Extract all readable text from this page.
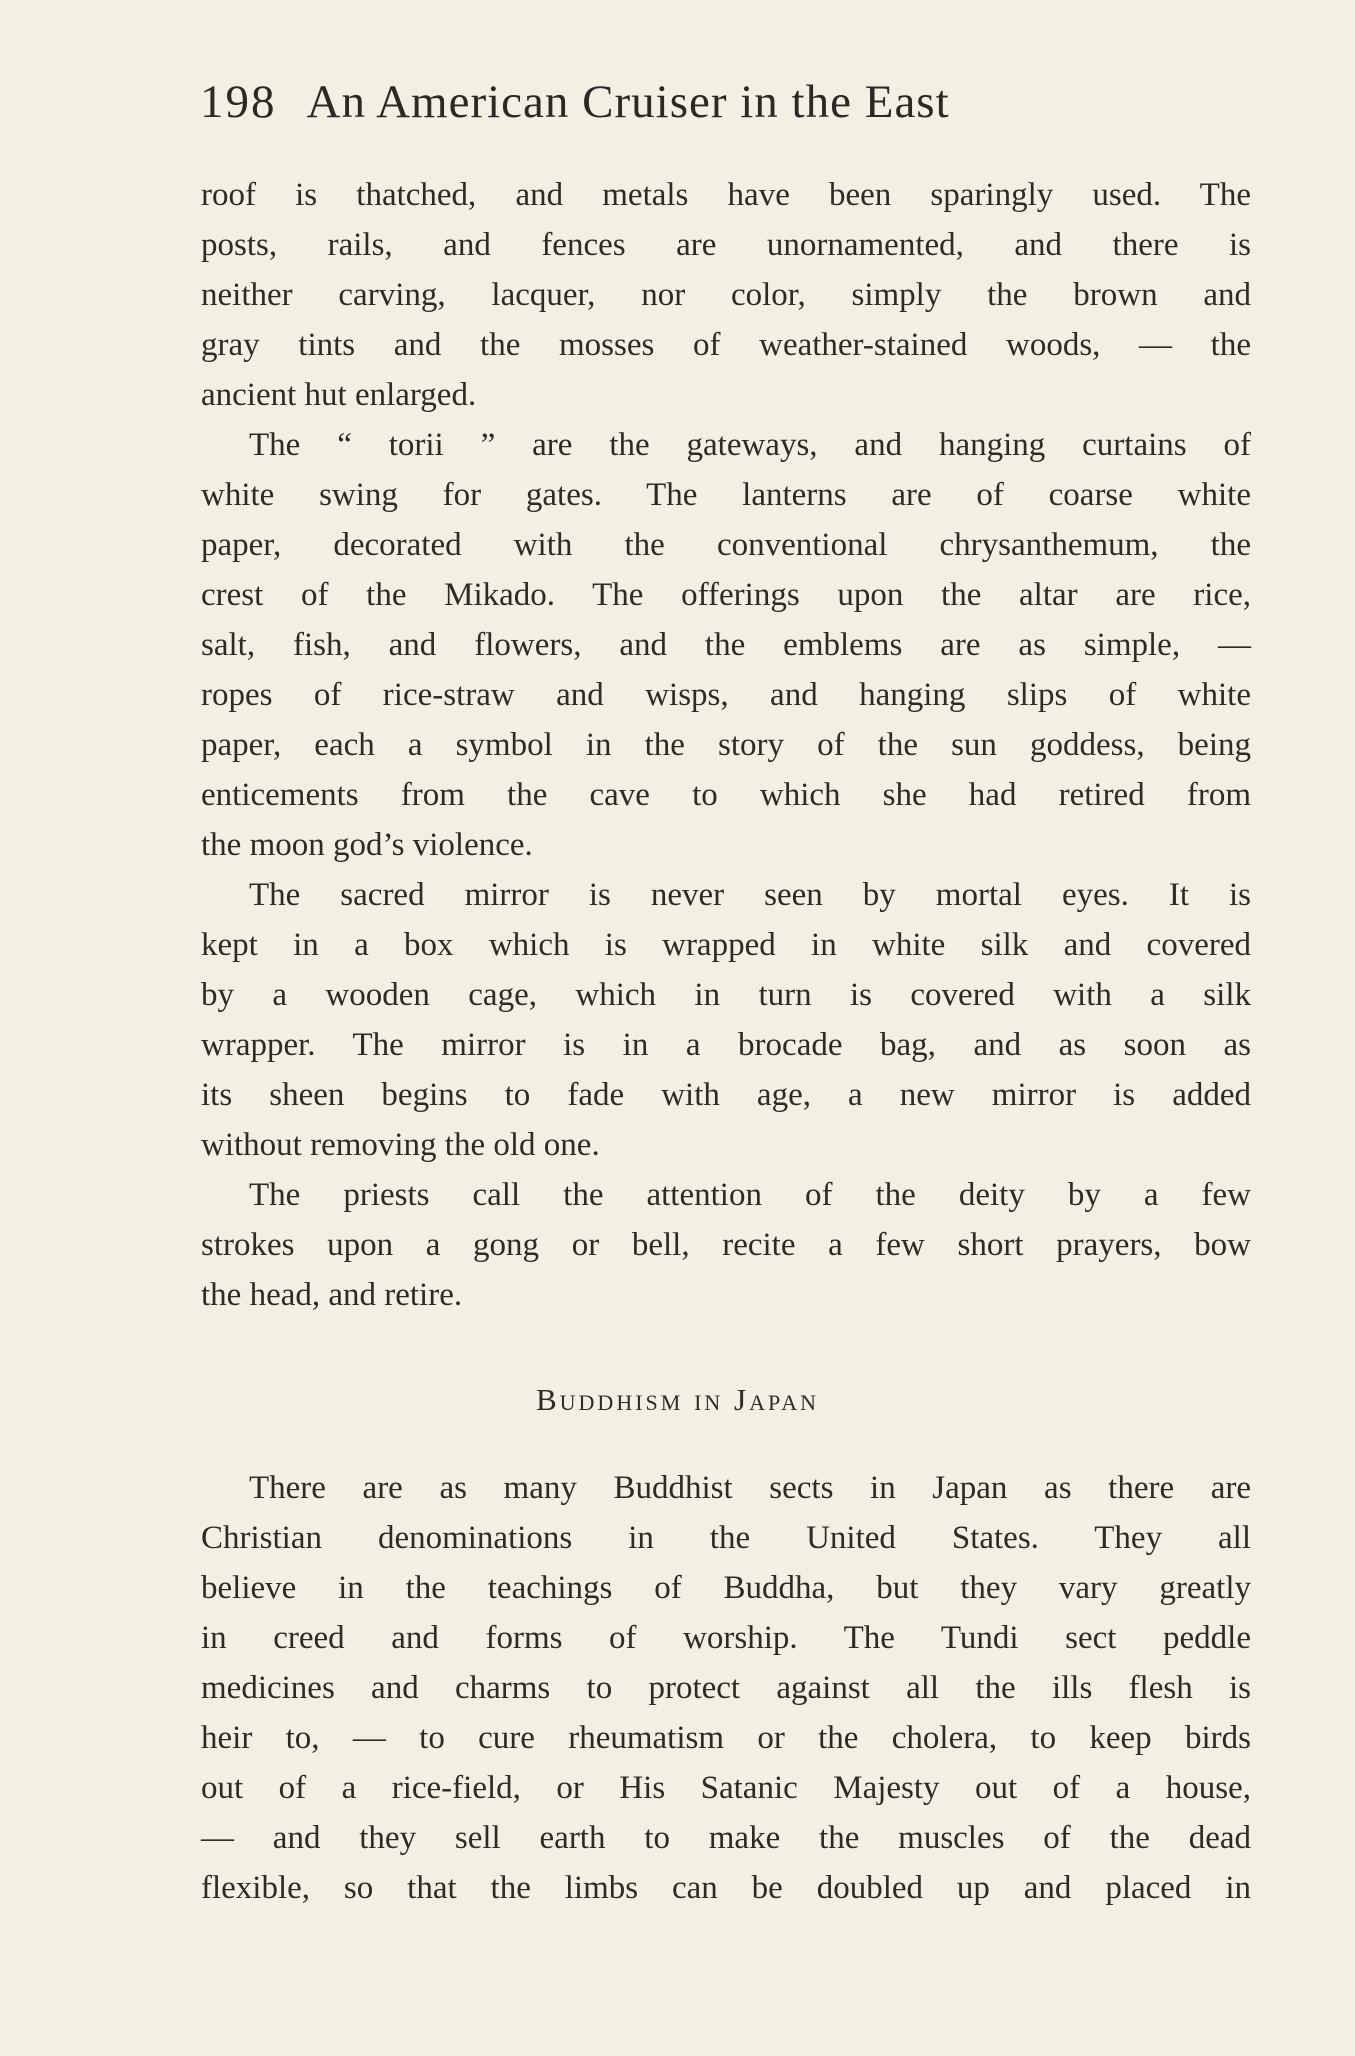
198 An American Cruiser in the East
roof is thatched, and metals have been sparingly used. The
posts, rails, and fences are unornamented, and there is
neither carving, lacquer, nor color, simply the brown and
gray tints and the mosses of weather-stained woods, — the
ancient hut enlarged.
The “ torii ” are the gateways, and hanging curtains of
white swing for gates. The lanterns are of coarse white
paper, decorated with the conventional chrysanthemum, the
crest of the Mikado. The offerings upon the altar are rice,
salt, fish, and flowers, and the emblems are as simple, —
ropes of rice-straw and wisps, and hanging slips of white
paper, each a symbol in the story of the sun goddess, being
enticements from the cave to which she had retired from
the moon god’s violence.
The sacred mirror is never seen by mortal eyes. It is
kept in a box which is wrapped in white silk and covered
by a wooden cage, which in turn is covered with a silk
wrapper. The mirror is in a brocade bag, and as soon as
its sheen begins to fade with age, a new mirror is added
without removing the old one.
The priests call the attention of the deity by a few
strokes upon a gong or bell, recite a few short prayers, bow
the head, and retire.
Buddhism in Japan
There are as many Buddhist sects in Japan as there are
Christian denominations in the United States. They all
believe in the teachings of Buddha, but they vary greatly
in creed and forms of worship. The Tundi sect peddle
medicines and charms to protect against all the ills flesh is
heir to, — to cure rheumatism or the cholera, to keep birds
out of a rice-field, or His Satanic Majesty out of a house,
— and they sell earth to make the muscles of the dead
flexible, so that the limbs can be doubled up and placed in
